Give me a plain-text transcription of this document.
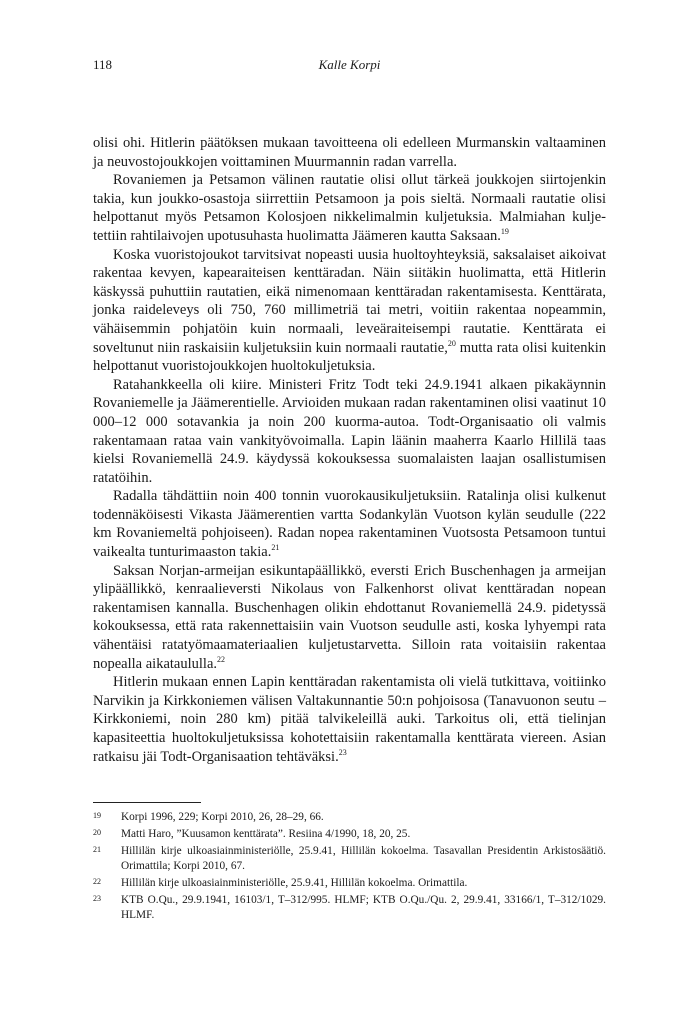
118	Kalle Korpi

olisi ohi. Hitlerin päätöksen mukaan tavoitteena oli edelleen Murmanskin valtaaminen ja neuvostojoukkojen voittaminen Muurmannin radan varrella.

Rovaniemen ja Petsamon välinen rautatie olisi ollut tärkeä joukkojen siirtojenkin takia, kun joukko-osastoja siirrettiin Petsamoon ja pois sieltä. Normaali rautatie olisi helpottanut myös Petsamon Kolosjoen nikkelimalmin kuljetuksia. Malmiahan kuljetettiin rahtilaivojen upotusuhasta huolimatta Jäämeren kautta Saksaan.$^{19}$

Koska vuoristojoukot tarvitsivat nopeasti uusia huoltoyhteyksiä, saksalaiset aikoivat rakentaa kevyen, kapearaiteisen kenttäradan. Näin siitäkin huolimatta, että Hitlerin käskyssä puhuttiin rautatien, eikä nimenomaan kenttäradan rakentamisesta. Kenttärata, jonka raideleveys oli 750, 760 millimetriä tai metri, voitiin rakentaa nopeammin, vähäisemmin pohjatöin kuin normaali, leveäraiteisempi rautatie. Kenttärata ei soveltunut niin raskaisiin kuljetuksiin kuin normaali rautatie,$^{20}$ mutta rata olisi kuitenkin helpottanut vuoristojoukkojen huoltokuljetuksia.

Ratahankkeella oli kiire. Ministeri Fritz Todt teki 24.9.1941 alkaen pikakäynnin Rovaniemelle ja Jäämerentielle. Arvioiden mukaan radan rakentaminen olisi vaatinut 10 000–12 000 sotavankia ja noin 200 kuorma-autoa. Todt-Organisaatio oli valmis rakentamaan rataa vain vankityövoimalla. Lapin läänin maaherra Kaarlo Hillilä taas kielsi Rovaniemellä 24.9. käydyssä kokouksessa suomalaisten laajan osallistumisen ratatöihin.

Radalla tähdättiin noin 400 tonnin vuorokausikuljetuksiin. Ratalinja olisi kulkenut todennäköisesti Vikasta Jäämerentien vartta Sodankylän Vuotson kylän seudulle (222 km Rovaniemeltä pohjoiseen). Radan nopea rakentaminen Vuotsosta Petsamoon tuntui vaikealta tunturimaaston takia.$^{21}$

Saksan Norjan-armeijan esikuntapäällikkö, eversti Erich Buschenhagen ja armeijan ylipäällikkö, kenraalieversti Nikolaus von Falkenhorst olivat kenttäradan nopean rakentamisen kannalla. Buschenhagen olikin ehdottanut Rovaniemellä 24.9. pidetyssä kokouksessa, että rata rakennettaisiin vain Vuotson seudulle asti, koska lyhyempi rata vähentäisi ratatyömaamateriaalien kuljetustarvetta. Silloin rata voitaisiin rakentaa nopealla aikataululla.$^{22}$

Hitlerin mukaan ennen Lapin kenttäradan rakentamista oli vielä tutkittava, voitiinko Narvikin ja Kirkkoniemen välisen Valtakunnantie 50:n pohjoisosa (Tanavuonon seutu – Kirkkoniemi, noin 280 km) pitää talvikeleillä auki. Tarkoitus oli, että tielinjan kapasiteettia huoltokuljetuksissa kohotettaisiin rakentamalla kenttärata viereen. Asian ratkaisu jäi Todt-Organisaation tehtäväksi.$^{23}$

19	Korpi 1996, 229; Korpi 2010, 26, 28–29, 66.
20	Matti Haro, ”Kuusamon kenttärata”. Resiina 4/1990, 18, 20, 25.
21	Hillilän kirje ulkoasiainministeriölle, 25.9.41, Hillilän kokoelma. Tasavallan Presidentin Arkistosäätiö. Orimattila; Korpi 2010, 67.
22	Hillilän kirje ulkoasiainministeriölle, 25.9.41, Hillilän kokoelma. Orimattila.
23	KTB O.Qu., 29.9.1941, 16103/1, T–312/995. HLMF; KTB O.Qu./Qu. 2, 29.9.41, 33166/1, T–312/1029. HLMF.
